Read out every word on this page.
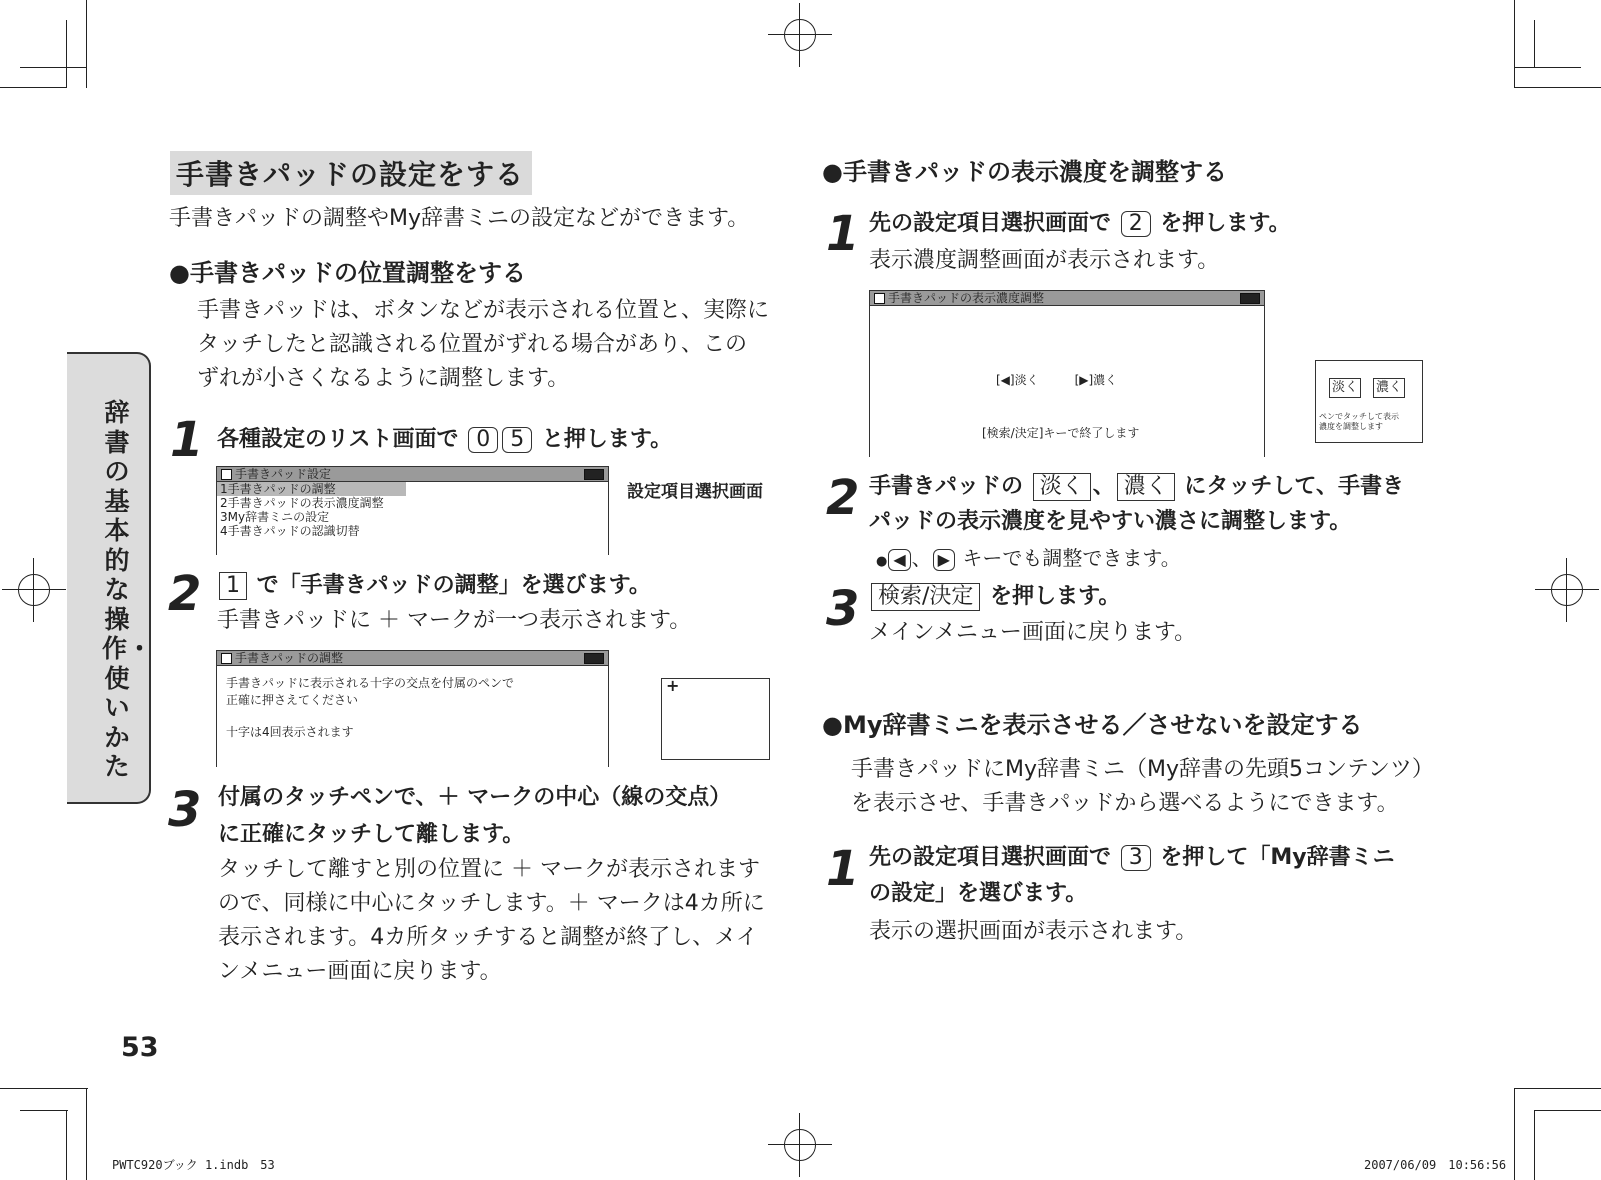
辞書の基本的な操作・使いかた
手書きパッドの設定をする
手書きパッドの調整やMy辞書ミニの設定などができます。
●手書きパッドの位置調整をする
手書きパッドは、ボタンなどが表示される位置と、実際に
タッチしたと認識される位置がずれる場合があり、この
ずれが小さくなるように調整します。
1 各種設定のリスト画面で 0 5 と押します。
手書きパッド設定
1手書きパッドの調整
2手書きパッドの表示濃度調整
3My辞書ミニの設定
4手書きパッドの認識切替
設定項目選択画面
2	1 で「手書きパッドの調整」を選びます。
手書きパッドに ＋ マークが一つ表示されます。
手書きパッドの調整
手書きパッドに表示される十字の交点を付属のペンで
正確に押さえてください
十字は4回表示されます
+
3 付属のタッチペンで、＋ マークの中心（線の交点）
に正確にタッチして離します。
タッチして離すと別の位置に ＋ マークが表示されます
ので、同様に中心にタッチします。＋ マークは4カ所に
表示されます。4カ所タッチすると調整が終了し、メイ
ンメニュー画面に戻ります。
53
●手書きパッドの表示濃度を調整する
1 先の設定項目選択画面で 2 を押します。
表示濃度調整画面が表示されます。
手書きパッドの表示濃度調整
[◀]淡く　　　[▶]濃く
[検索/決定]キーで終了します
淡く 濃く
ペンでタッチして表示
濃度を調整します
2 手書きパッドの 淡く 、 濃く にタッチして、手書き
パッドの表示濃度を見やすい濃さに調整します。
● ◀ 、 ▶ キーでも調整できます。
3 検索/決定 を押します。
メインメニュー画面に戻ります。
●My辞書ミニを表示させる／させないを設定する
手書きパッドにMy辞書ミニ（My辞書の先頭5コンテンツ）
を表示させ、手書きパッドから選べるようにできます。
1 先の設定項目選択画面で 3 を押して「My辞書ミニ
の設定」を選びます。
表示の選択画面が表示されます。
PWTC920ブック 1.indb　53	2007/06/09　10:56:56
